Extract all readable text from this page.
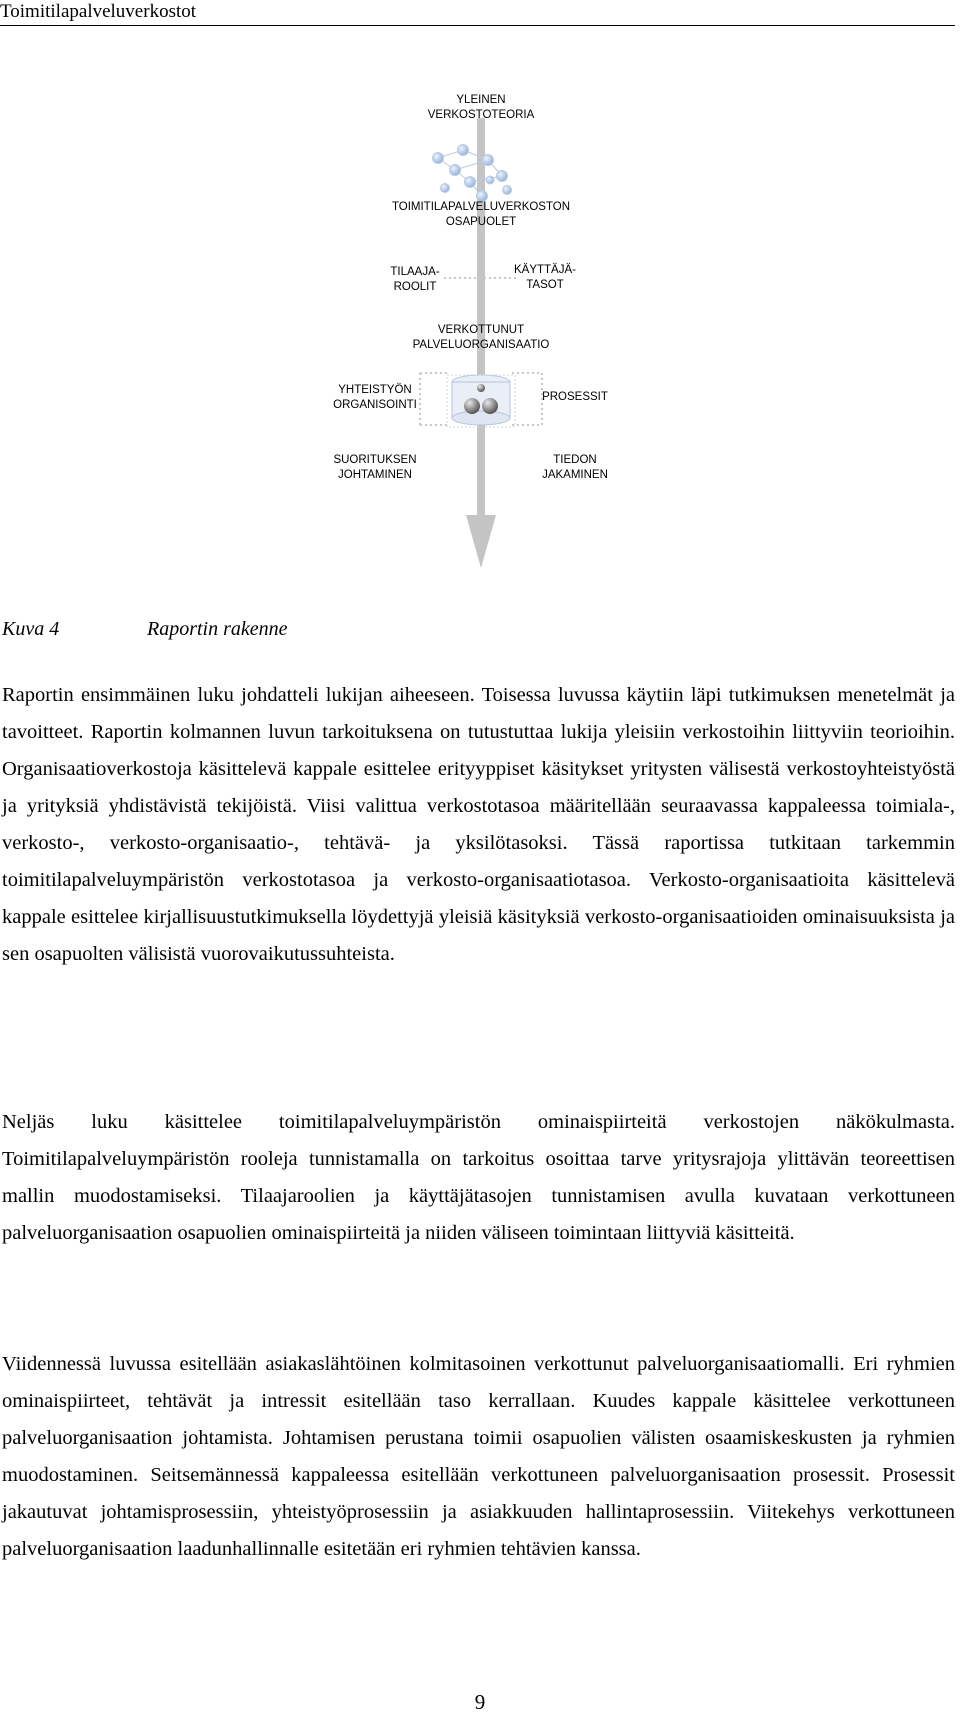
Toimitilapalveluverkostot
YLEINEN
VERKOSTOTEORIA
TOIMITILAPALVELUVERKOSTON
OSAPUOLET
TILAAJA-
ROOLIT
KÄYTTÄJÄ-
TASOT
VERKOTTUNUT
PALVELUORGANISAATIO
YHTEISTYÖN
ORGANISOINTI
PROSESSIT
SUORITUKSEN
JOHTAMINEN
TIEDON
JAKAMINEN
Kuva 4	Raportin rakenne

Raportin ensimmäinen luku johdatteli lukijan aiheeseen. Toisessa luvussa käytiin läpi tutkimuksen menetelmät ja tavoitteet. Raportin kolmannen luvun tarkoituksena on tutustuttaa lukija yleisiin verkostoihin liittyviin teorioihin. Organisaatioverkostoja käsittelevä kappale esittelee erityyppiset käsitykset yritysten välisestä verkostoyhteistyöstä ja yrityksiä yhdistävistä tekijöistä. Viisi valittua verkostotasoa määritellään seuraavassa kappaleessa toimiala-, verkosto-, verkosto-organisaatio-, tehtävä- ja yksilötasoksi. Tässä raportissa tutkitaan tarkemmin toimitilapalveluympäristön verkostotasoa ja verkosto-organisaatiotasoa. Verkosto-organisaatioita käsittelevä kappale esittelee kirjallisuustutkimuksella löydettyjä yleisiä käsityksiä verkosto-organisaatioiden ominaisuuksista ja sen osapuolten välisistä vuorovaikutussuhteista.

Neljäs luku käsittelee toimitilapalveluympäristön ominaispiirteitä verkostojen näkökulmasta. Toimitilapalveluympäristön rooleja tunnistamalla on tarkoitus osoittaa tarve yritysrajoja ylittävän teoreettisen mallin muodostamiseksi. Tilaajaroolien ja käyttäjätasojen tunnistamisen avulla kuvataan verkottuneen palveluorganisaation osapuolien ominaispiirteitä ja niiden väliseen toimintaan liittyviä käsitteitä.

Viidennessä luvussa esitellään asiakaslähtöinen kolmitasoinen verkottunut palveluorganisaatiomalli. Eri ryhmien ominaispiirteet, tehtävät ja intressit esitellään taso kerrallaan. Kuudes kappale käsittelee verkottuneen palveluorganisaation johtamista. Johtamisen perustana toimii osapuolien välisten osaamiskeskusten ja ryhmien muodostaminen. Seitsemännessä kappaleessa esitellään verkottuneen palveluorganisaation prosessit. Prosessit jakautuvat johtamisprosessiin, yhteistyöprosessiin ja asiakkuuden hallintaprosessiin. Viitekehys verkottuneen palveluorganisaation laadunhallinnalle esitetään eri ryhmien tehtävien kanssa.

9
